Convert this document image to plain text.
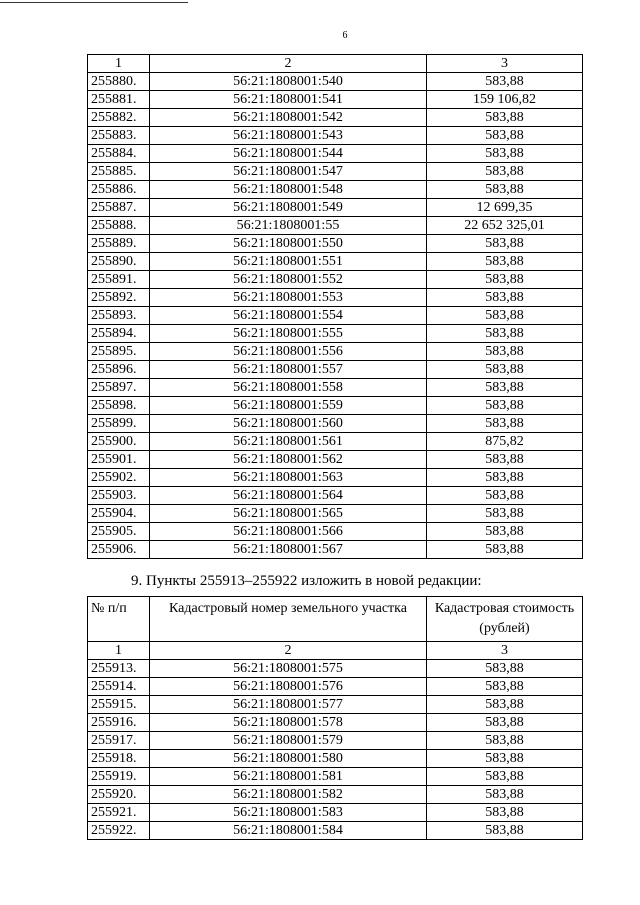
6
1	2	3
255880.	56:21:1808001:540	583,88
255881.	56:21:1808001:541	159 106,82
255882.	56:21:1808001:542	583,88
255883.	56:21:1808001:543	583,88
255884.	56:21:1808001:544	583,88
255885.	56:21:1808001:547	583,88
255886.	56:21:1808001:548	583,88
255887.	56:21:1808001:549	12 699,35
255888.	56:21:1808001:55	22 652 325,01
255889.	56:21:1808001:550	583,88
255890.	56:21:1808001:551	583,88
255891.	56:21:1808001:552	583,88
255892.	56:21:1808001:553	583,88
255893.	56:21:1808001:554	583,88
255894.	56:21:1808001:555	583,88
255895.	56:21:1808001:556	583,88
255896.	56:21:1808001:557	583,88
255897.	56:21:1808001:558	583,88
255898.	56:21:1808001:559	583,88
255899.	56:21:1808001:560	583,88
255900.	56:21:1808001:561	875,82
255901.	56:21:1808001:562	583,88
255902.	56:21:1808001:563	583,88
255903.	56:21:1808001:564	583,88
255904.	56:21:1808001:565	583,88
255905.	56:21:1808001:566	583,88
255906.	56:21:1808001:567	583,88
9. Пункты 255913–255922 изложить в новой редакции:
№ п/п	Кадастровый номер земельного участка	Кадастровая стоимость (рублей)
1	2	3
255913.	56:21:1808001:575	583,88
255914.	56:21:1808001:576	583,88
255915.	56:21:1808001:577	583,88
255916.	56:21:1808001:578	583,88
255917.	56:21:1808001:579	583,88
255918.	56:21:1808001:580	583,88
255919.	56:21:1808001:581	583,88
255920.	56:21:1808001:582	583,88
255921.	56:21:1808001:583	583,88
255922.	56:21:1808001:584	583,88
